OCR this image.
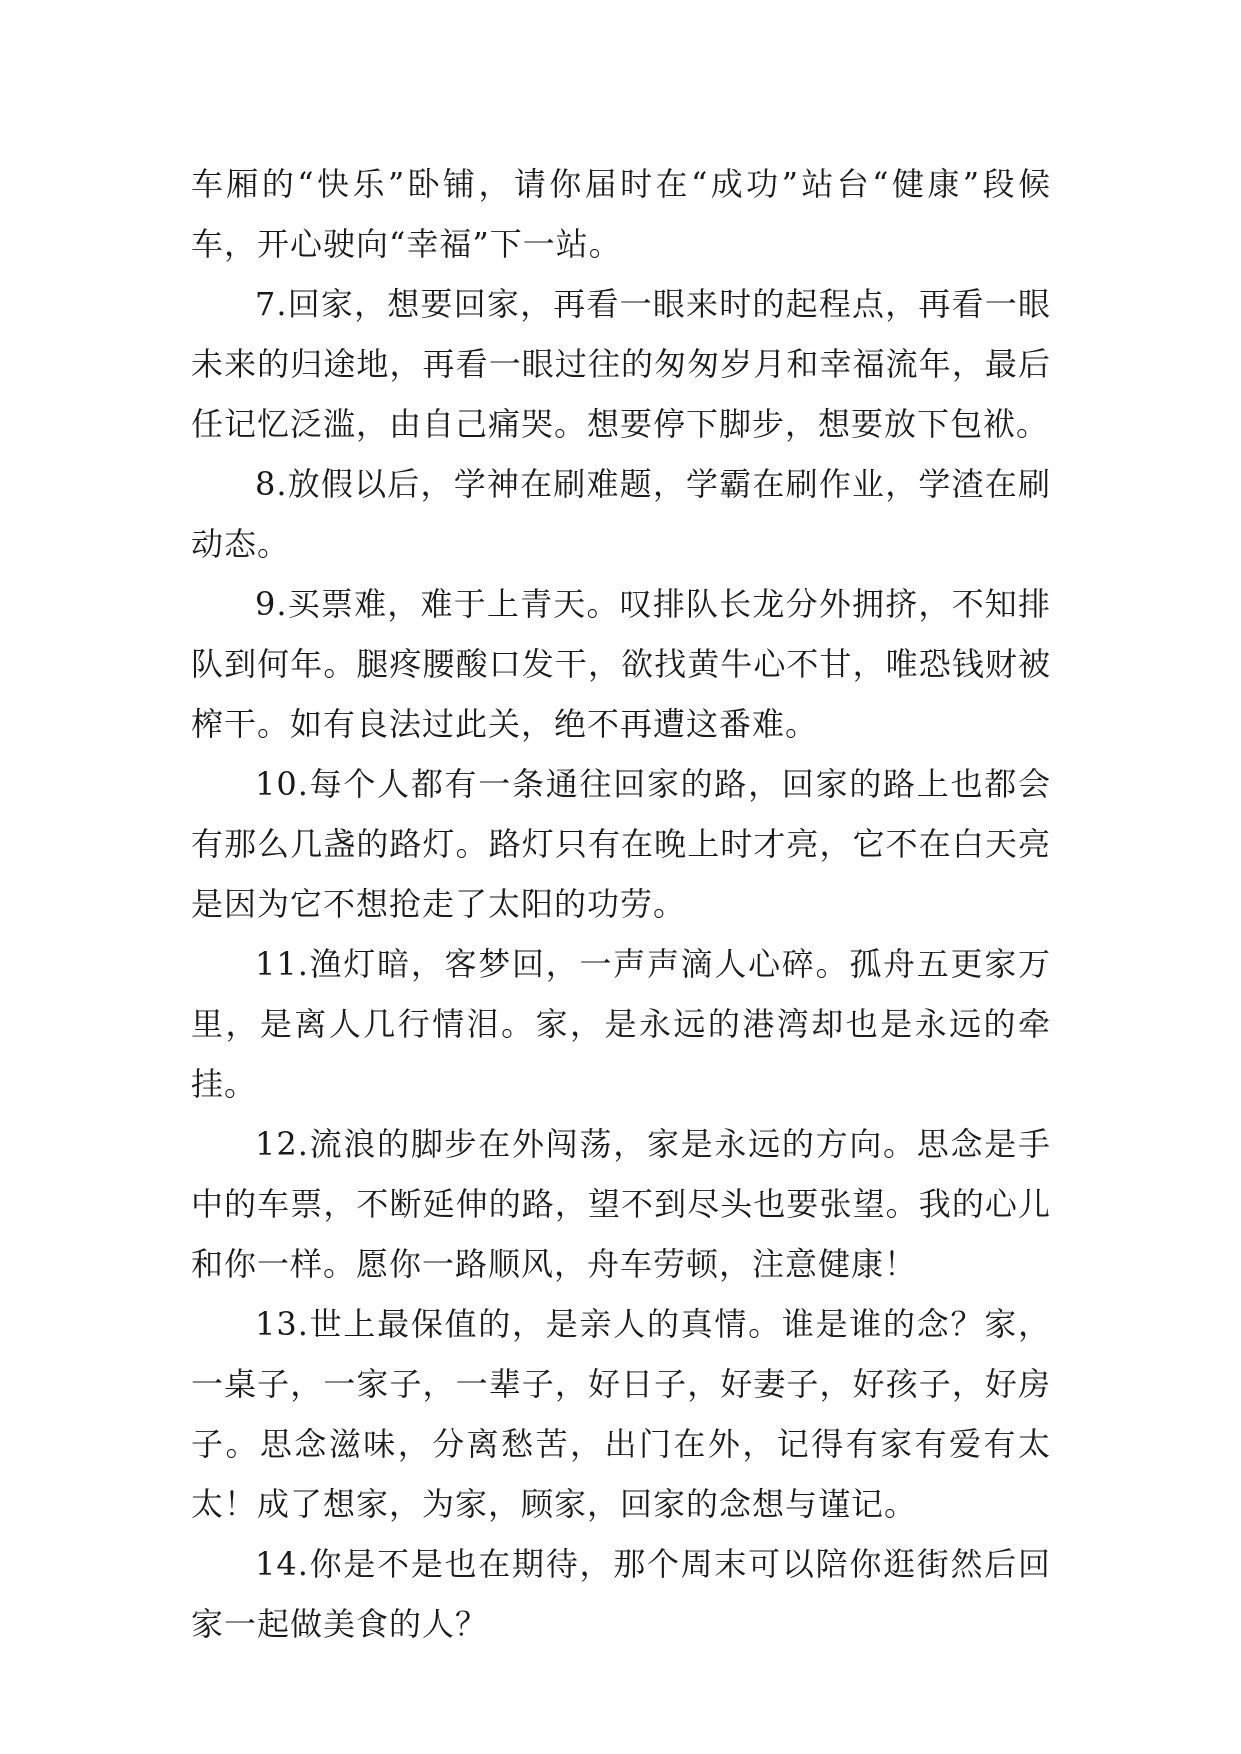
车厢的“快乐”卧铺，请你届时在“成功”站台“健康”段候车，开心驶向“幸福”下一站。

7.回家，想要回家，再看一眼来时的起程点，再看一眼未来的归途地，再看一眼过往的匆匆岁月和幸福流年，最后任记忆泛滥，由自己痛哭。想要停下脚步，想要放下包袱。

8.放假以后，学神在刷难题，学霸在刷作业，学渣在刷动态。

9.买票难，难于上青天。叹排队长龙分外拥挤，不知排队到何年。腿疼腰酸口发干，欲找黄牛心不甘，唯恐钱财被榨干。如有良法过此关，绝不再遭这番难。

10.每个人都有一条通往回家的路，回家的路上也都会有那么几盏的路灯。路灯只有在晚上时才亮，它不在白天亮是因为它不想抢走了太阳的功劳。

11.渔灯暗，客梦回，一声声滴人心碎。孤舟五更家万里，是离人几行情泪。家，是永远的港湾却也是永远的牵挂。

12.流浪的脚步在外闯荡，家是永远的方向。思念是手中的车票，不断延伸的路，望不到尽头也要张望。我的心儿和你一样。愿你一路顺风，舟车劳顿，注意健康！

13.世上最保值的，是亲人的真情。谁是谁的念？家，一桌子，一家子，一辈子，好日子，好妻子，好孩子，好房子。思念滋味，分离愁苦，出门在外，记得有家有爱有太太！成了想家，为家，顾家，回家的念想与谨记。

14.你是不是也在期待，那个周末可以陪你逛街然后回家一起做美食的人？
